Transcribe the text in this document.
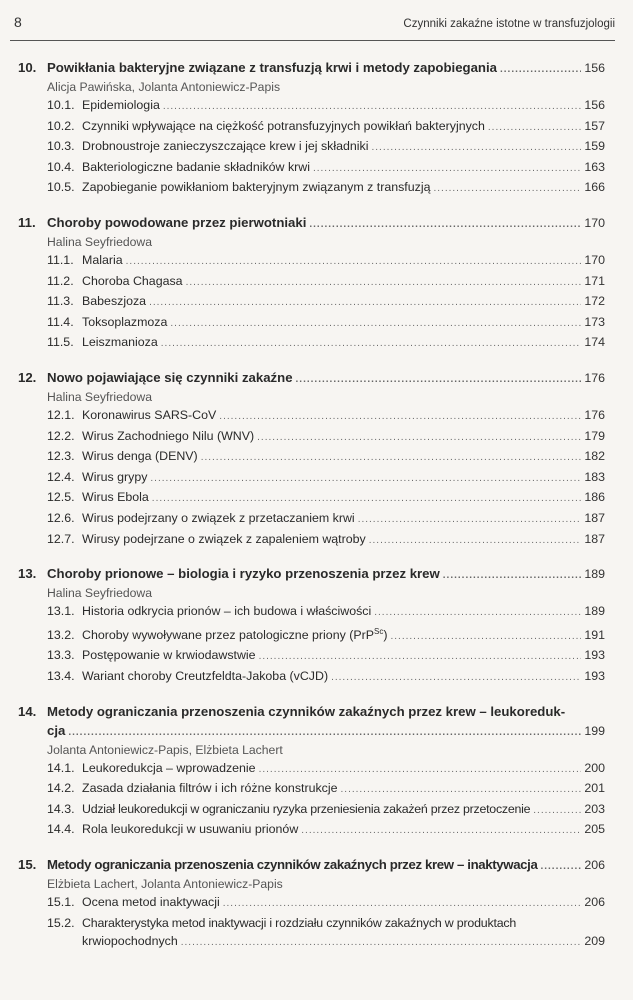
8	Czynniki zakaźne istotne w transfuzjologii
10. Powikłania bakteryjne związane z transfuzją krwi i metody zapobiegania .....	156
Alicja Pawińska, Jolanta Antoniewicz-Papis
10.1. Epidemiologia .....	156
10.2. Czynniki wpływające na ciężkość potransfuzyjnych powikłań bakteryjnych .....	157
10.3. Drobnoustroje zanieczyszczające krew i jej składniki .....	159
10.4. Bakteriologiczne badanie składników krwi .....	163
10.5. Zapobieganie powikłaniom bakteryjnym związanym z transfuzją .....	166
11. Choroby powodowane przez pierwotniaki .....	170
Halina Seyfriedowa
11.1. Malaria .....	170
11.2. Choroba Chagasa .....	171
11.3. Babeszjoza .....	172
11.4. Toksoplazmoza .....	173
11.5. Leiszmanioza .....	174
12. Nowo pojawiające się czynniki zakaźne .....	176
Halina Seyfriedowa
12.1. Koronawirus SARS-CoV .....	176
12.2. Wirus Zachodniego Nilu (WNV) .....	179
12.3. Wirus denga (DENV) .....	182
12.4. Wirus grypy .....	183
12.5. Wirus Ebola .....	186
12.6. Wirus podejrzany o związek z przetaczaniem krwi .....	187
12.7. Wirusy podejrzane o związek z zapaleniem wątroby .....	187
13. Choroby prionowe – biologia i ryzyko przenoszenia przez krew .....	189
Halina Seyfriedowa
13.1. Historia odkrycia prionów – ich budowa i właściwości .....	189
13.2. Choroby wywoływane przez patologiczne priony (PrP$^{Sc}$) .....	191
13.3. Postępowanie w krwiodawstwie .....	193
13.4. Wariant choroby Creutzfeldta-Jakoba (vCJD) .....	193
14. Metody ograniczania przenoszenia czynników zakaźnych przez krew – leukoreduk-
cja .....	199
Jolanta Antoniewicz-Papis, Elżbieta Lachert
14.1. Leukoredukcja – wprowadzenie .....	200
14.2. Zasada działania filtrów i ich różne konstrukcje .....	201
14.3. Udział leukoredukcji w ograniczaniu ryzyka przeniesienia zakażeń przez przetoczenie .....	203
14.4. Rola leukoredukcji w usuwaniu prionów .....	205
15. Metody ograniczania przenoszenia czynników zakaźnych przez krew – inaktywacja .....	206
Elżbieta Lachert, Jolanta Antoniewicz-Papis
15.1. Ocena metod inaktywacji .....	206
15.2. Charakterystyka metod inaktywacji i rozdziału czynników zakaźnych w produktach
krwiopochodnych .....	209
